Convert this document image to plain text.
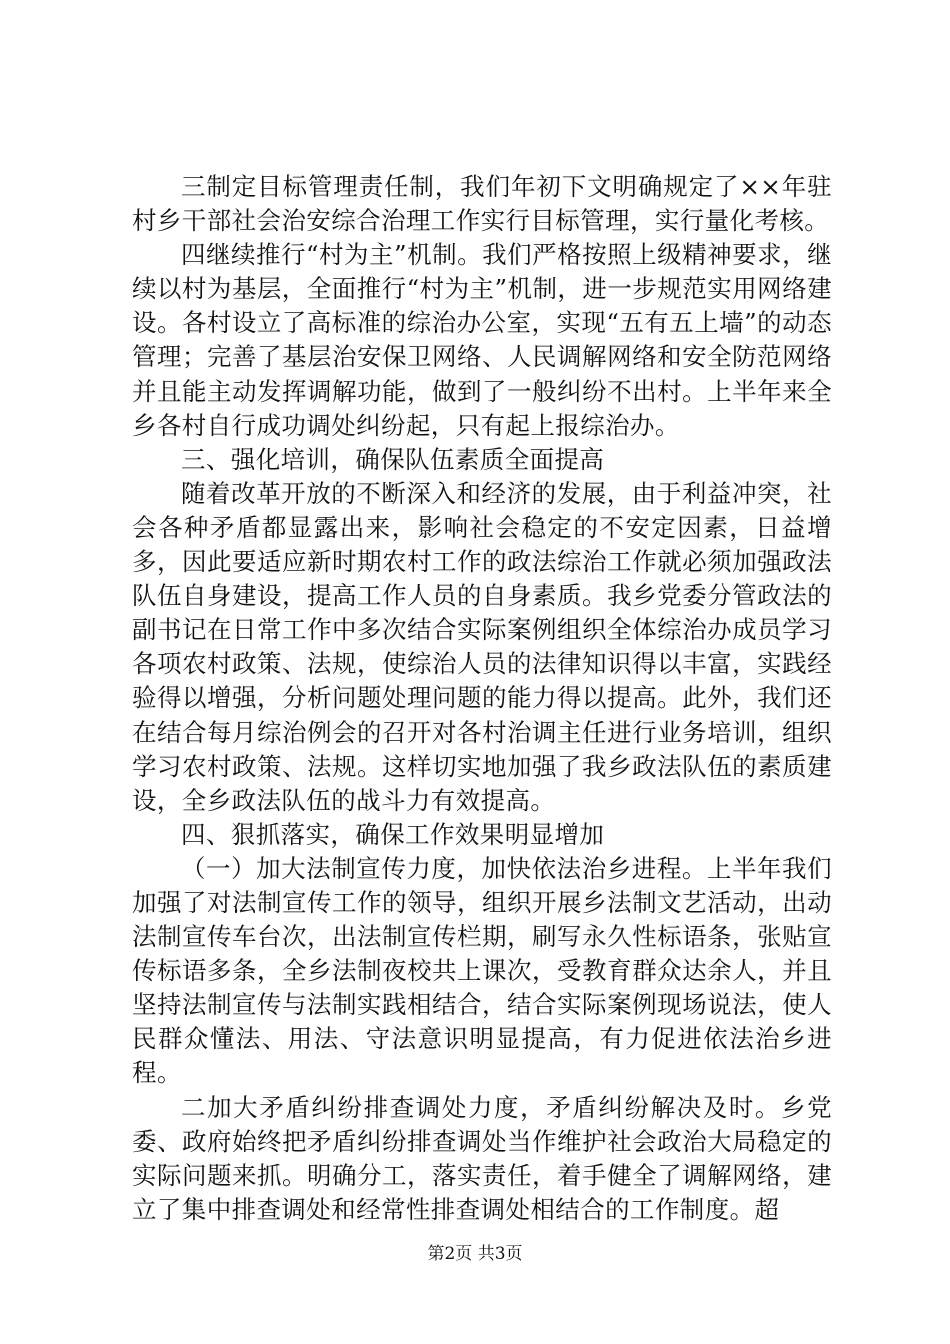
三制定目标管理责任制，我们年初下文明确规定了××年驻村乡干部社会治安综合治理工作实行目标管理，实行量化考核。

四继续推行“村为主”机制。我们严格按照上级精神要求，继续以村为基层，全面推行“村为主”机制，进一步规范实用网络建设。各村设立了高标准的综治办公室，实现“五有五上墙”的动态管理；完善了基层治安保卫网络、人民调解网络和安全防范网络并且能主动发挥调解功能，做到了一般纠纷不出村。上半年来全乡各村自行成功调处纠纷起，只有起上报综治办。

三、强化培训，确保队伍素质全面提高

随着改革开放的不断深入和经济的发展，由于利益冲突，社会各种矛盾都显露出来，影响社会稳定的不安定因素，日益增多，因此要适应新时期农村工作的政法综治工作就必须加强政法队伍自身建设，提高工作人员的自身素质。我乡党委分管政法的副书记在日常工作中多次结合实际案例组织全体综治办成员学习各项农村政策、法规，使综治人员的法律知识得以丰富，实践经验得以增强，分析问题处理问题的能力得以提高。此外，我们还在结合每月综治例会的召开对各村治调主任进行业务培训，组织学习农村政策、法规。这样切实地加强了我乡政法队伍的素质建设，全乡政法队伍的战斗力有效提高。

四、狠抓落实，确保工作效果明显增加

（一）加大法制宣传力度，加快依法治乡进程。上半年我们加强了对法制宣传工作的领导，组织开展乡法制文艺活动，出动法制宣传车台次，出法制宣传栏期，刷写永久性标语条，张贴宣传标语多条，全乡法制夜校共上课次，受教育群众达余人，并且坚持法制宣传与法制实践相结合，结合实际案例现场说法，使人民群众懂法、用法、守法意识明显提高，有力促进依法治乡进程。

二加大矛盾纠纷排查调处力度，矛盾纠纷解决及时。乡党委、政府始终把矛盾纠纷排查调处当作维护社会政治大局稳定的实际问题来抓。明确分工，落实责任，着手健全了调解网络，建立了集中排查调处和经常性排查调处相结合的工作制度。超

第2页 共3页
